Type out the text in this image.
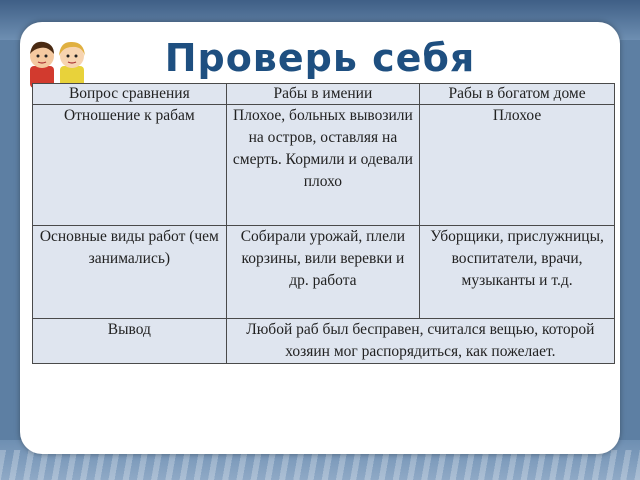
Проверь себя
Вопрос сравнения	Рабы в имении	Рабы в богатом доме
Отношение к рабам	Плохое, больных вывозили на остров, оставляя на смерть. Кормили и одевали плохо	Плохое
Основные виды работ (чем занимались)	Собирали урожай, плели корзины, вили веревки и др. работа	Уборщики, прислужницы, воспитатели, врачи, музыканты и т.д.
Вывод	Любой раб был бесправен, считался вещью, которой хозяин мог распорядиться, как пожелает.	
